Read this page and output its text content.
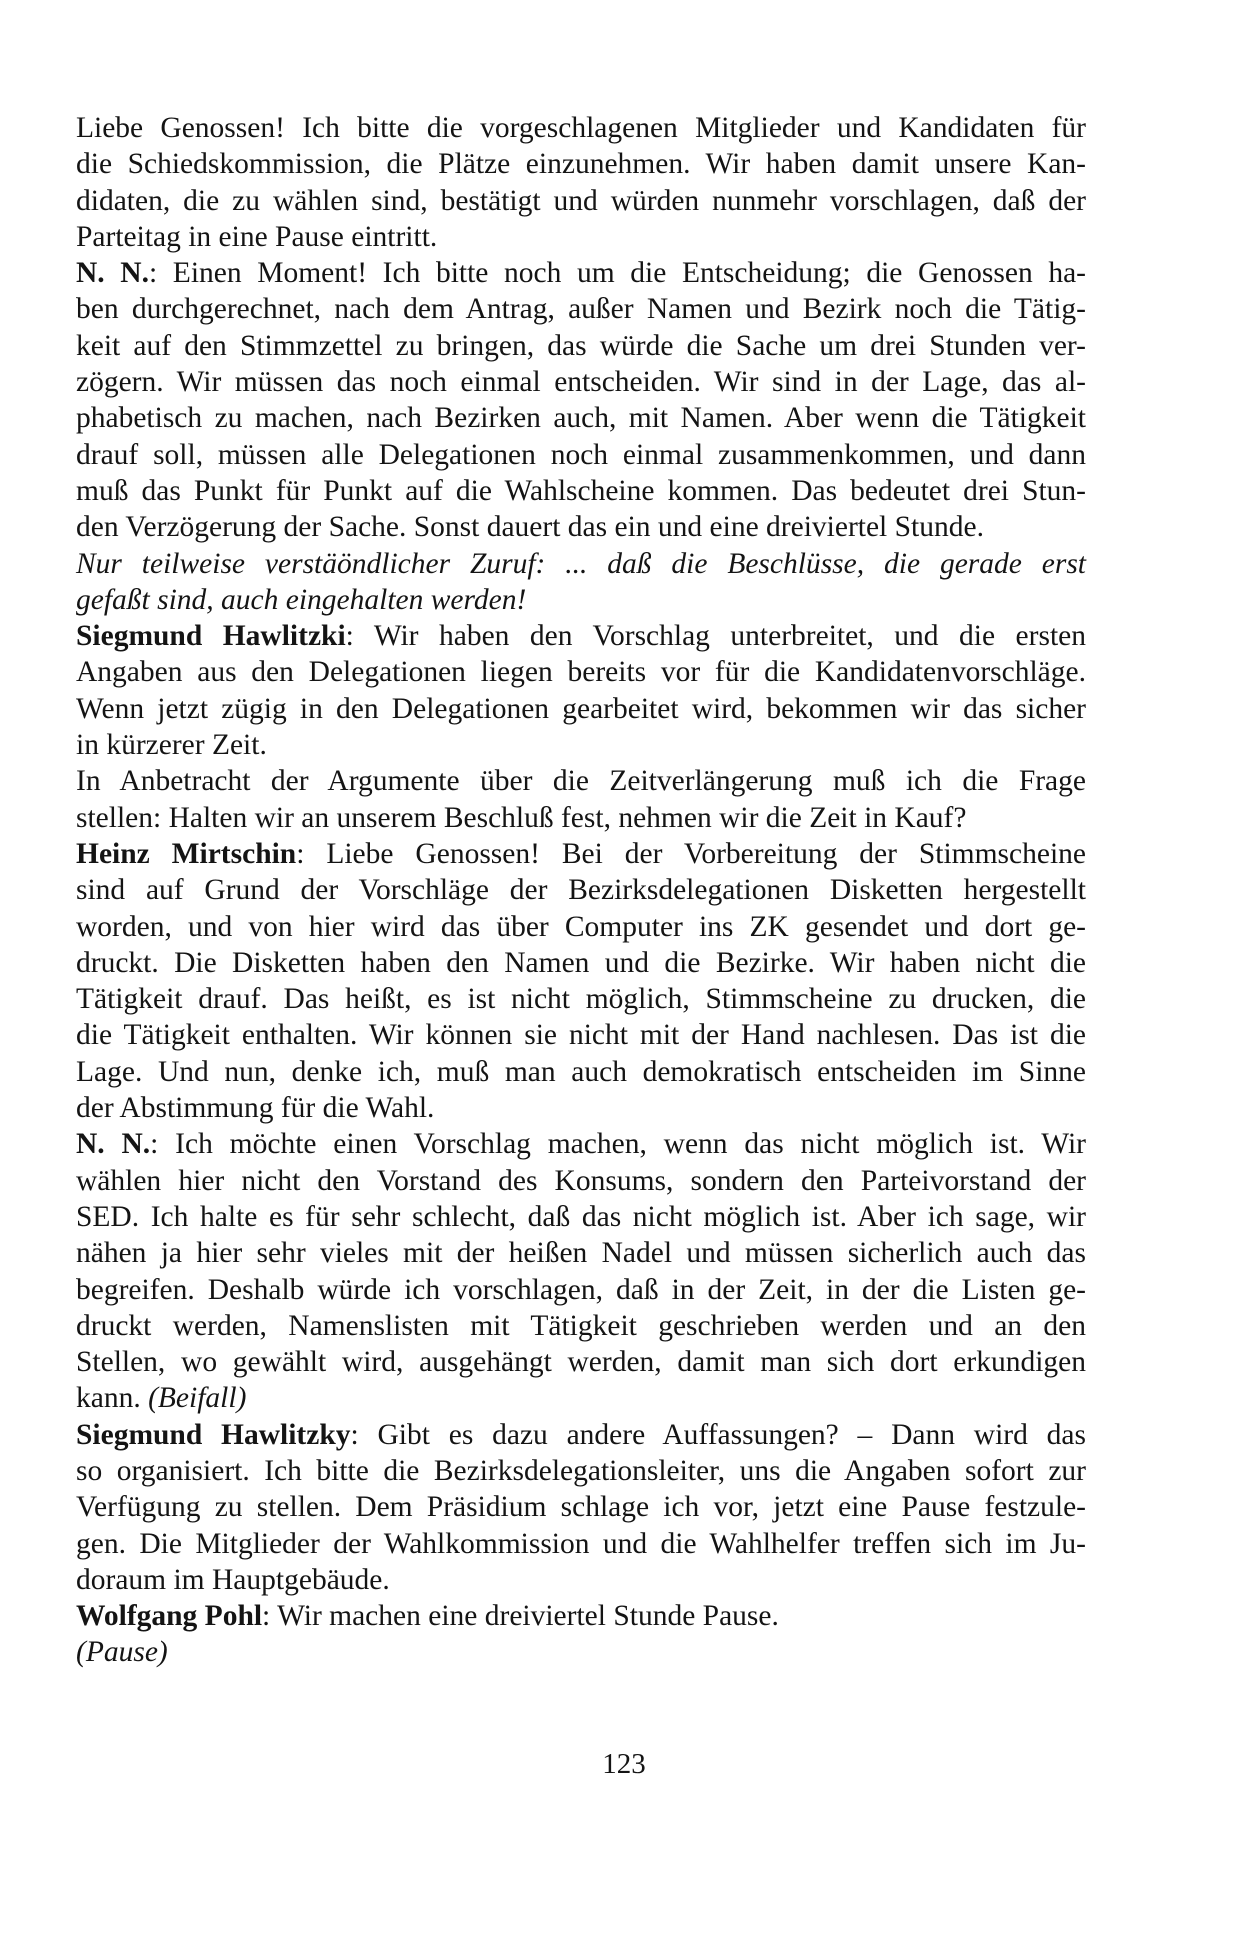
Liebe Genossen! Ich bitte die vorgeschlagenen Mitglieder und Kandidaten für
die Schiedskommission, die Plätze einzunehmen. Wir haben damit unsere Kan-
didaten, die zu wählen sind, bestätigt und würden nunmehr vorschlagen, daß der
Parteitag in eine Pause eintritt.
N. N.: Einen Moment! Ich bitte noch um die Entscheidung; die Genossen ha-
ben durchgerechnet, nach dem Antrag, außer Namen und Bezirk noch die Tätig-
keit auf den Stimmzettel zu bringen, das würde die Sache um drei Stunden ver-
zögern. Wir müssen das noch einmal entscheiden. Wir sind in der Lage, das al-
phabetisch zu machen, nach Bezirken auch, mit Namen. Aber wenn die Tätigkeit
drauf soll, müssen alle Delegationen noch einmal zusammenkommen, und dann
muß das Punkt für Punkt auf die Wahlscheine kommen. Das bedeutet drei Stun-
den Verzögerung der Sache. Sonst dauert das ein und eine dreiviertel Stunde.
Nur teilweise verstäöndlicher Zuruf: ... daß die Beschlüsse, die gerade erst
gefaßt sind, auch eingehalten werden!
Siegmund Hawlitzki: Wir haben den Vorschlag unterbreitet, und die ersten
Angaben aus den Delegationen liegen bereits vor für die Kandidatenvorschläge.
Wenn jetzt zügig in den Delegationen gearbeitet wird, bekommen wir das sicher
in kürzerer Zeit.
In Anbetracht der Argumente über die Zeitverlängerung muß ich die Frage
stellen: Halten wir an unserem Beschluß fest, nehmen wir die Zeit in Kauf?
Heinz Mirtschin: Liebe Genossen! Bei der Vorbereitung der Stimmscheine
sind auf Grund der Vorschläge der Bezirksdelegationen Disketten hergestellt
worden, und von hier wird das über Computer ins ZK gesendet und dort ge-
druckt. Die Disketten haben den Namen und die Bezirke. Wir haben nicht die
Tätigkeit drauf. Das heißt, es ist nicht möglich, Stimmscheine zu drucken, die
die Tätigkeit enthalten. Wir können sie nicht mit der Hand nachlesen. Das ist die
Lage. Und nun, denke ich, muß man auch demokratisch entscheiden im Sinne
der Abstimmung für die Wahl.
N. N.: Ich möchte einen Vorschlag machen, wenn das nicht möglich ist. Wir
wählen hier nicht den Vorstand des Konsums, sondern den Parteivorstand der
SED. Ich halte es für sehr schlecht, daß das nicht möglich ist. Aber ich sage, wir
nähen ja hier sehr vieles mit der heißen Nadel und müssen sicherlich auch das
begreifen. Deshalb würde ich vorschlagen, daß in der Zeit, in der die Listen ge-
druckt werden, Namenslisten mit Tätigkeit geschrieben werden und an den
Stellen, wo gewählt wird, ausgehängt werden, damit man sich dort erkundigen
kann. (Beifall)
Siegmund Hawlitzky: Gibt es dazu andere Auffassungen? – Dann wird das
so organisiert. Ich bitte die Bezirksdelegationsleiter, uns die Angaben sofort zur
Verfügung zu stellen. Dem Präsidium schlage ich vor, jetzt eine Pause festzule-
gen. Die Mitglieder der Wahlkommission und die Wahlhelfer treffen sich im Ju-
doraum im Hauptgebäude.
Wolfgang Pohl: Wir machen eine dreiviertel Stunde Pause.
(Pause)
123
